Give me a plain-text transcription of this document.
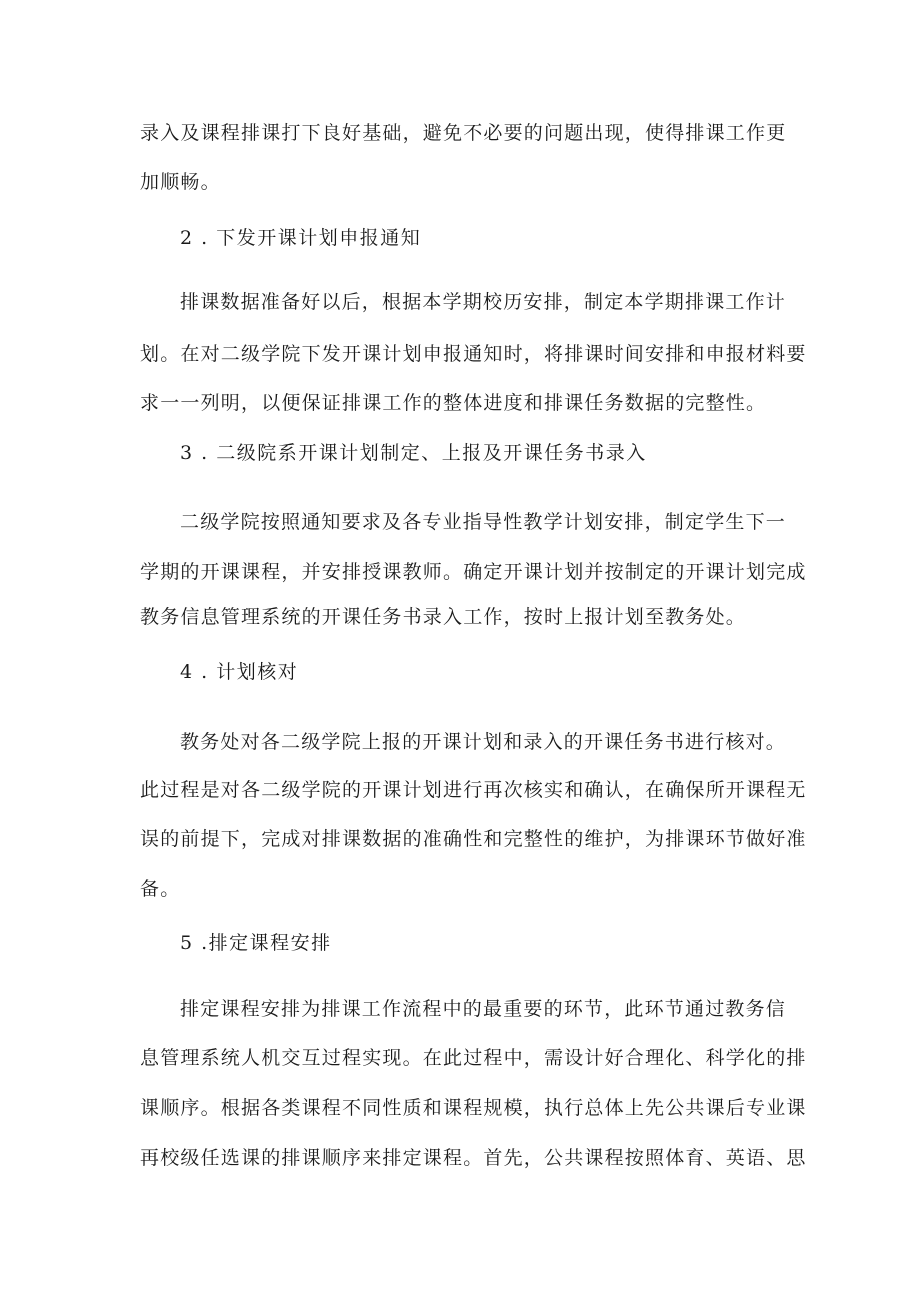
录入及课程排课打下良好基础，避免不必要的问题出现，使得排课工作更
加顺畅。
2 . 下发开课计划申报通知
排课数据准备好以后，根据本学期校历安排，制定本学期排课工作计
划。在对二级学院下发开课计划申报通知时，将排课时间安排和申报材料要
求一一列明，以便保证排课工作的整体进度和排课任务数据的完整性。
3 . 二级院系开课计划制定、上报及开课任务书录入
二级学院按照通知要求及各专业指导性教学计划安排，制定学生下一
学期的开课课程，并安排授课教师。确定开课计划并按制定的开课计划完成
教务信息管理系统的开课任务书录入工作，按时上报计划至教务处。
4 . 计划核对
教务处对各二级学院上报的开课计划和录入的开课任务书进行核对。
此过程是对各二级学院的开课计划进行再次核实和确认，在确保所开课程无
误的前提下，完成对排课数据的准确性和完整性的维护，为排课环节做好准
备。
5 .排定课程安排
排定课程安排为排课工作流程中的最重要的环节，此环节通过教务信
息管理系统人机交互过程实现。在此过程中，需设计好合理化、科学化的排
课顺序。根据各类课程不同性质和课程规模，执行总体上先公共课后专业课
再校级任选课的排课顺序来排定课程。首先，公共课程按照体育、英语、思
